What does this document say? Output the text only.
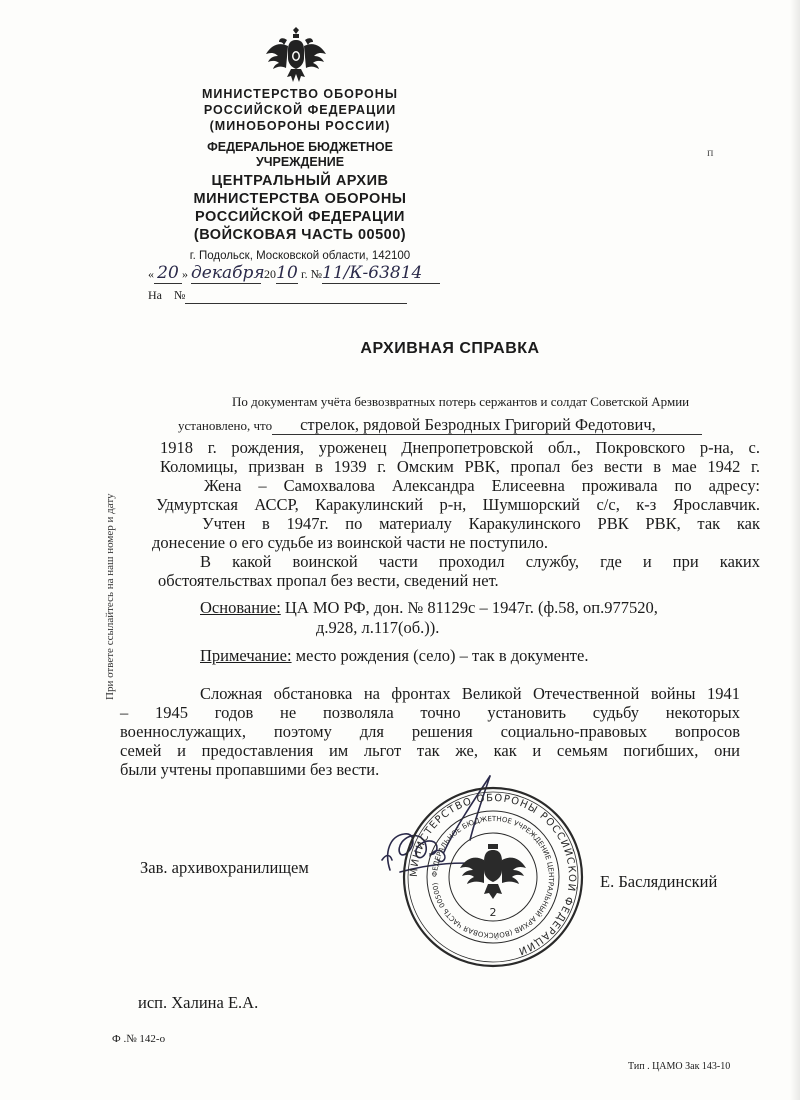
МИНИСТЕРСТВО ОБОРОНЫ
РОССИЙСКОЙ ФЕДЕРАЦИИ
(МИНОБОРОНЫ РОССИИ)
ФЕДЕРАЛЬНОЕ БЮДЖЕТНОЕ
УЧРЕЖДЕНИЕ
ЦЕНТРАЛЬНЫЙ АРХИВ
МИНИСТЕРСТВА ОБОРОНЫ
РОССИЙСКОЙ ФЕДЕРАЦИИ
(ВОЙСКОВАЯ ЧАСТЬ 00500)
г. Подольск, Московской области, 142100
« 20 » декабря 2010 г. №11/К-63814
На №
п
АРХИВНАЯ СПРАВКА
По документам учёта безвозвратных потерь сержантов и солдат Советской Армии
установлено, что стрелок, рядовой Безродных Григорий Федотович,

1918 г. рождения, уроженец Днепропетровской обл., Покровского р-на, с.

Коломицы, призван в 1939 г. Омским РВК, пропал без вести в мае 1942 г.

Жена – Самохвалова Александра Елисеевна проживала по адресу:

Удмуртская АССР, Каракулинский р-н, Шумшорский с/с, к-з Ярославчик.

Учтен в 1947г. по материалу Каракулинского РВК РВК, так как

донесение о его судьбе из воинской части не поступило.

В какой воинской части проходил службу, где и при каких

обстоятельствах пропал без вести, сведений нет.

Основание: ЦА МО РФ, дон. № 81129с – 1947г. (ф.58, оп.977520,
д.928, л.117(об.)).
Примечание: место рождения (село) – так в документе.

Сложная обстановка на фронтах Великой Отечественной войны 1941

– 1945 годов не позволяла точно установить судьбу некоторых

военнослужащих, поэтому для решения социально-правовых вопросов

семей и предоставления им льгот так же, как и семьям погибших, они

были учтены пропавшими без вести.

Зав. архивохранилищем
Е. Баслядинский
МИНИСТЕРСТВО ОБОРОНЫ РОССИЙСКОЙ ФЕДЕРАЦИИ
ФЕДЕРАЛЬНОЕ БЮДЖЕТНОЕ УЧРЕЖДЕНИЕ ЦЕНТРАЛЬНЫЙ АРХИВ (ВОЙСКОВАЯ ЧАСТЬ 00500)
2
исп. Халина Е.А.
Ф .№ 142-о
Тип . ЦАМО Зак 143-10
При ответе ссылайтесь на наш номер и дату
